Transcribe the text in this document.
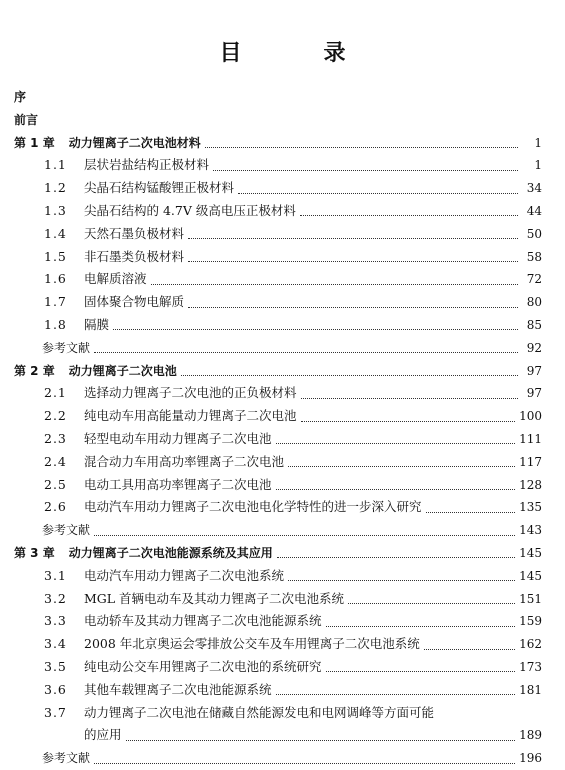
目　录
序
前言
第 1 章 动力锂离子二次电池材料	1
1.1	层状岩盐结构正极材料	1
1.2	尖晶石结构锰酸锂正极材料	34
1.3	尖晶石结构的 4.7V 级高电压正极材料	44
1.4	天然石墨负极材料	50
1.5	非石墨类负极材料	58
1.6	电解质溶液	72
1.7	固体聚合物电解质	80
1.8	隔膜	85
参考文献	92
第 2 章 动力锂离子二次电池	97
2.1	选择动力锂离子二次电池的正负极材料	97
2.2	纯电动车用高能量动力锂离子二次电池	100
2.3	轻型电动车用动力锂离子二次电池	111
2.4	混合动力车用高功率锂离子二次电池	117
2.5	电动工具用高功率锂离子二次电池	128
2.6	电动汽车用动力锂离子二次电池电化学特性的进一步深入研究	135
参考文献	143
第 3 章 动力锂离子二次电池能源系统及其应用	145
3.1	电动汽车用动力锂离子二次电池系统	145
3.2	MGL 首辆电动车及其动力锂离子二次电池系统	151
3.3	电动轿车及其动力锂离子二次电池能源系统	159
3.4	2008 年北京奥运会零排放公交车及车用锂离子二次电池系统	162
3.5	纯电动公交车用锂离子二次电池的系统研究	173
3.6	其他车载锂离子二次电池能源系统	181
3.7	动力锂离子二次电池在储藏自然能源发电和电网调峰等方面可能
的应用	189
参考文献	196
